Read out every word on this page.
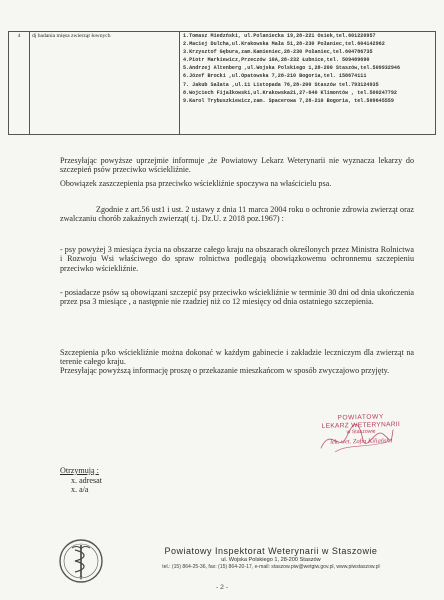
4	dj badania mięsa zwierząt łownych	1.Tomasz Miedzński, ul.Polaniecka 19,28-221 Osiek,tel.601220957
2.Maciej Dulcha,ul.Krakowska Mała 51,28-230 Połaniec,tel.604142962
3.Krzysztof Gębura,zam.Kamieniec,28-230 Połaniec,tel.604786735
4.Piotr Markiewicz,Przeczów 10A,28-232 Łubnice,tel. 509489690
5.Andrzej Altenberg ,ul.Wojska Polskiego 1,28-200 Staszów,tel.509932946
6.Józef Brocki ,ul.Opatowska 7,28-210 Bogoria,tel. 158674111
7. Jakub Sałata ,ul.11 Listopada 76,28-200 Staszów tel.793124935
8.Wojciech Fijałkowski,ul.Krakowska21,27-640 Klimontów , tel.500247792
9.Karol Trybuszkiewicz,zam. Spacerowa 7,28-210 Bogoria, tel.509645559

Przesyłając powyższe uprzejmie informuje ,że Powiatowy Lekarz Weterynarii nie wyznacza lekarzy do szczepień psów przeciwko wściekliźnie.

Obowiązek zaszczepienia psa przeciwko wściekliźnie spoczywa na właścicielu psa.

Zgodnie z art.56 ust1 i ust. 2 ustawy z dnia 11 marca 2004 roku o ochronie zdrowia zwierząt oraz zwalczaniu chorób zakaźnych zwierząt( t.j. Dz.U. z 2018 poz.1967) :

- psy powyżej 3 miesiąca życia na obszarze całego kraju na obszarach określonych przez Ministra Rolnictwa i Rozwoju Wsi właściwego do spraw rolnictwa podlegają obowiązkowemu ochronnemu szczepieniu przeciwko wściekliźnie.

- posiadacze psów są obowiązani szczepić psy przeciwko wściekliźnie w terminie 30 dni od dnia ukończenia przez psa 3 miesiące , a następnie nie rzadziej niż co 12 miesięcy od dnia ostatniego szczepienia.

Szczepienia p/ko wściekliźnie można dokonać w każdym gabinecie i zakładzie leczniczym dla zwierząt na terenie całego kraju.

Przesyłając powyższą informację proszę o przekazanie mieszkańcom w sposób zwyczajowo przyjęty.

POWIATOWY
LEKARZ WETERYNARII
w Staszowie
lek. wet. Zofia Kiliańska
Otrzymują :
x. adresat
x. a/a
V
Powiatowy Inspektorat Weterynarii w Staszowie
ul. Wojska Polskiego 1, 28-200 Staszów
tel.: (15) 864-25-36, fax: (15) 864-20-17, e-mail: staszow.piw@wetgiw.gov.pl, www.piwstaszow.pl
- 2 -
